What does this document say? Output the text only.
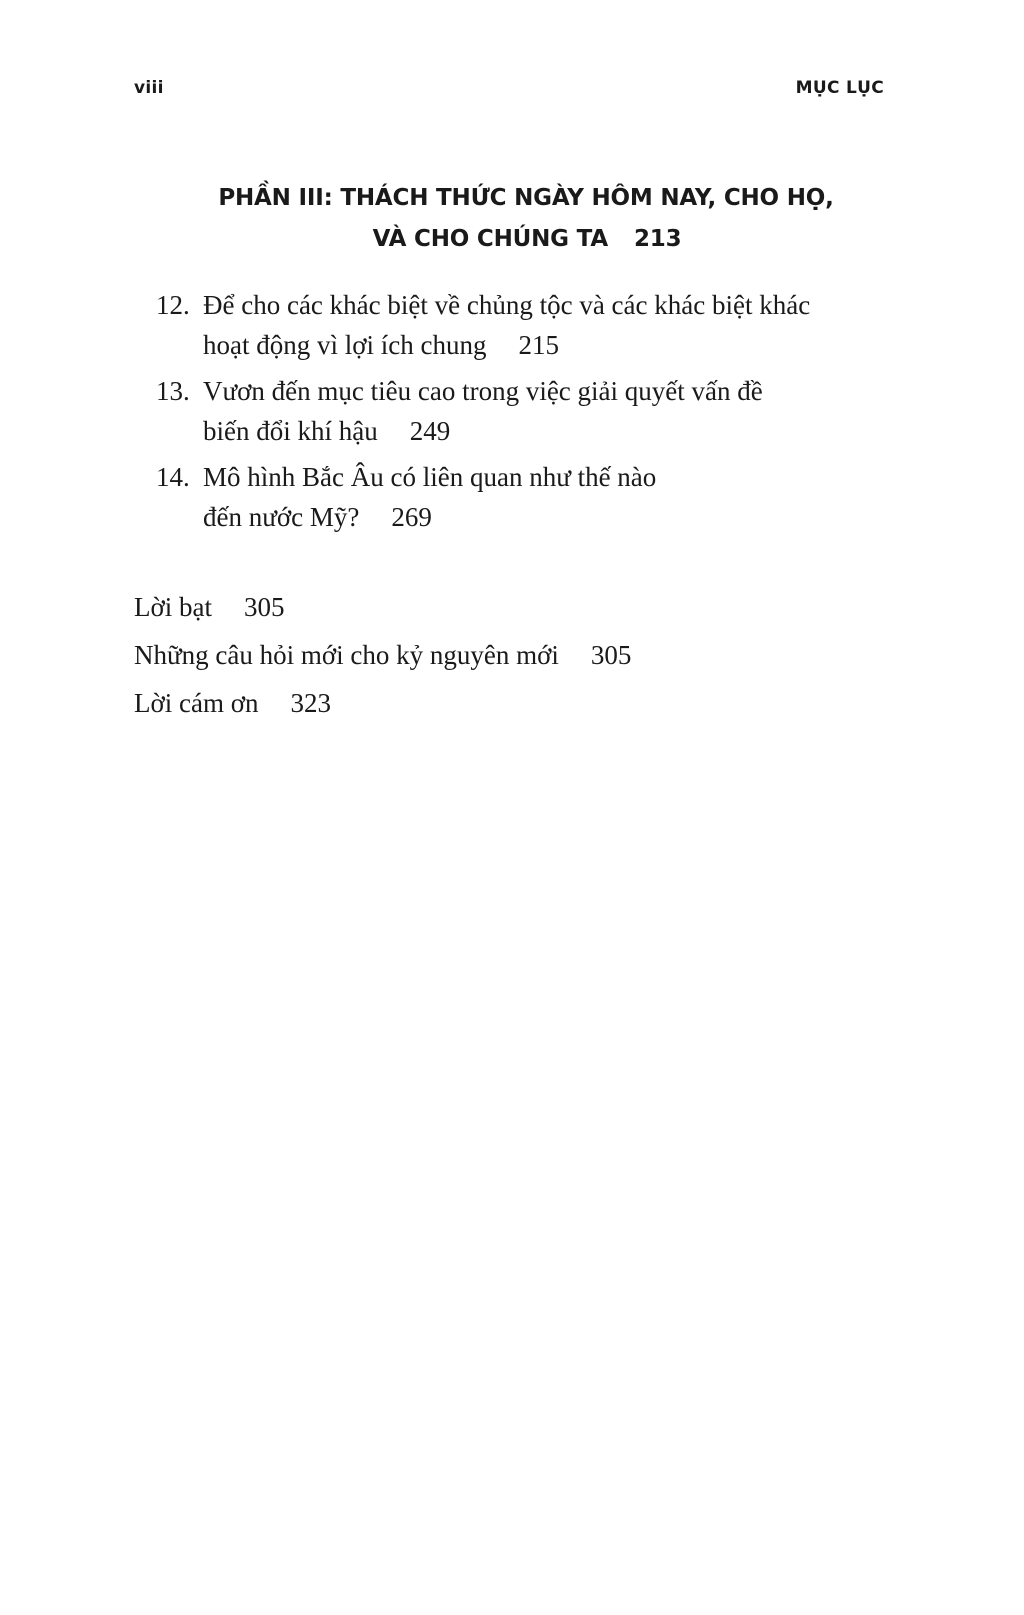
viii	MỤC LỤC
PHẦN III: THÁCH THỨC NGÀY HÔM NAY, CHO HỌ,
VÀ CHO CHÚNG TA 213
12. Để cho các khác biệt về chủng tộc và các khác biệt khác
hoạt động vì lợi ích chung 215
13. Vươn đến mục tiêu cao trong việc giải quyết vấn đề
biến đổi khí hậu 249
14. Mô hình Bắc Âu có liên quan như thế nào
đến nước Mỹ? 269
Lời bạt 305
Những câu hỏi mới cho kỷ nguyên mới 305
Lời cám ơn 323
